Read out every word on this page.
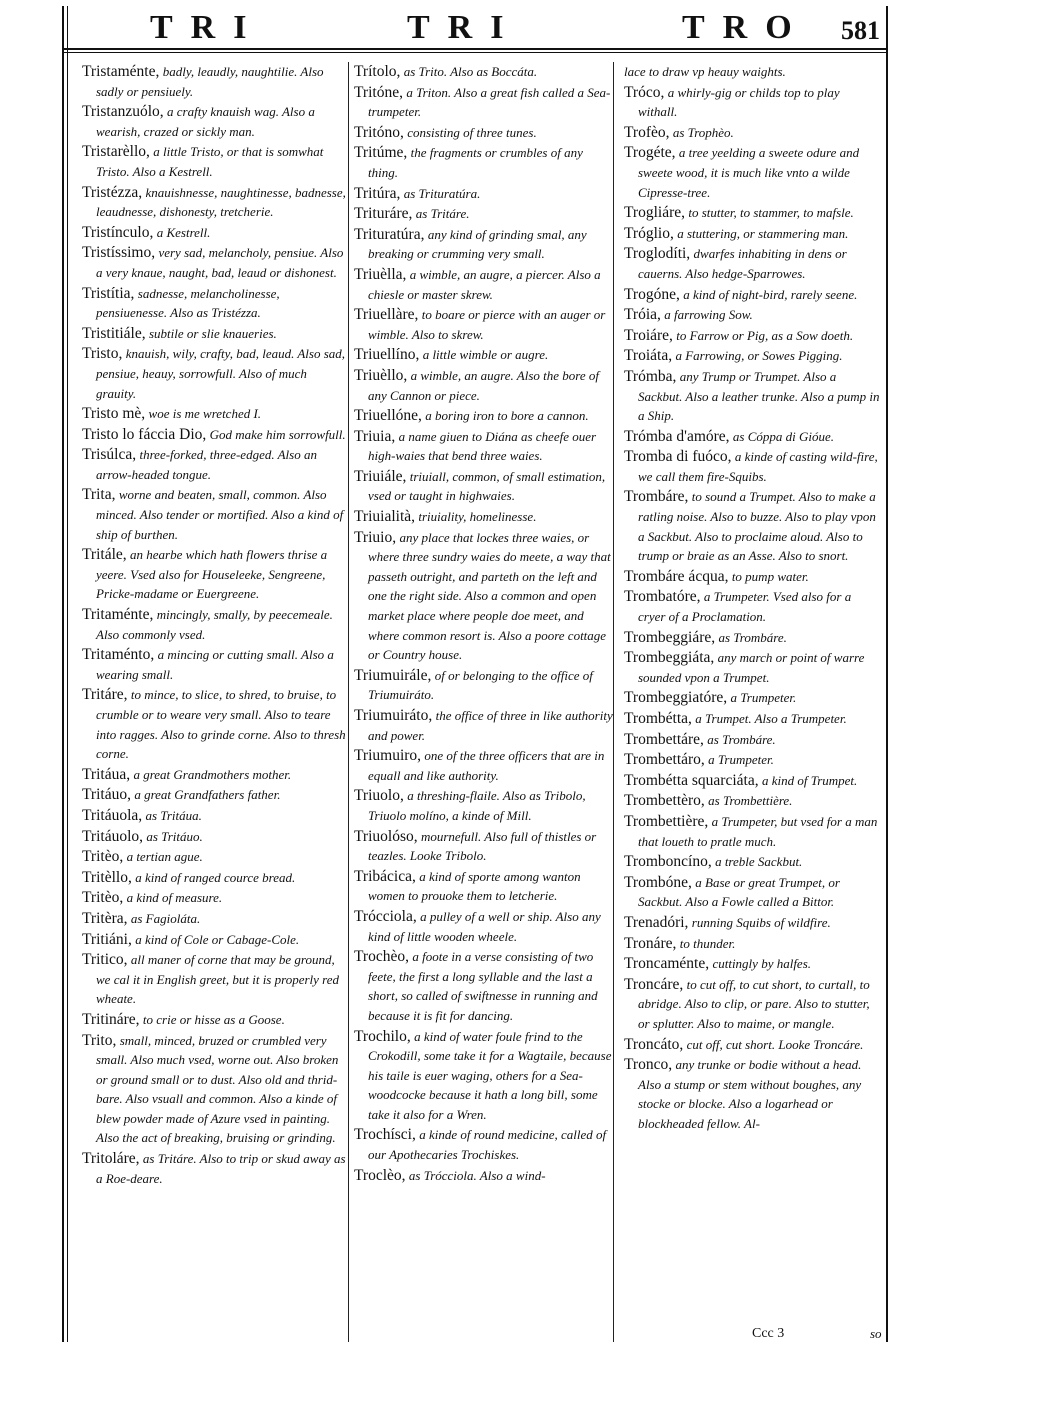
TRI	TRI	TRO 581
Tristaménte, badly, leaudly, naughtilie. Also sadly or pensiuely.
Tristanzuólo, a crafty knauish wag. Also a wearish, crazed or sickly man.
Tristarèllo, a little Tristo, or that is somwhat Tristo. Also a Kestrell.
Tristézza, knauishnesse, naughtinesse, badnesse, leaudnesse, dishonesty, tretcherie.
Tristínculo, a Kestrell.
Tristíssimo, very sad, melancholy, pensiue. Also a very knaue, naught, bad, leaud or dishonest.
Tristítia, sadnesse, melancholinesse, pensiuenesse. Also as Tristézza.
Tristitiále, subtile or slie knaueries.
Tristo, knauish, wily, crafty, bad, leaud. Also sad, pensiue, heauy, sorrowfull. Also of much grauity.
Tristo mè, woe is me wretched I.
Tristo lo fáccia Dio, God make him sorrowfull.
Trisúlca, three-forked, three-edged. Also an arrow-headed tongue.
Trita, worne and beaten, small, common. Also minced. Also tender or mortified. Also a kind of ship of burthen.
Tritále, an hearbe which hath flowers thrise a yeere. Vsed also for Houseleeke, Sengreene, Pricke-madame or Euergreene.
Tritaménte, mincingly, smally, by peecemeale. Also commonly vsed.
Tritaménto, a mincing or cutting small. Also a wearing small.
Tritáre, to mince, to slice, to shred, to bruise, to crumble or to weare very small. Also to teare into ragges. Also to grinde corne. Also to thresh corne.
Tritáua, a great Grandmothers mother.
Tritáuo, a great Grandfathers father.
Tritáuola, as Tritáua.
Tritáuolo, as Tritáuo.
Tritèo, a tertian ague.
Tritèllo, a kind of ranged cource bread.
Tritèo, a kind of measure.
Tritèra, as Fagioláta.
Tritiáni, a kind of Cole or Cabage-Cole.
Tritico, all maner of corne that may be ground, we cal it in English greet, but it is properly red wheate.
Tritináre, to crie or hisse as a Goose.
Trito, small, minced, bruzed or crumbled very small. Also much vsed, worne out. Also broken or ground small or to dust. Also old and thrid-bare. Also vsuall and common. Also a kinde of blew powder made of Azure vsed in painting. Also the act of breaking, bruising or grinding.
Tritoláre, as Tritáre. Also to trip or skud away as a Roe-deare.
Trítolo, as Trito. Also as Boccáta.
Tritóne, a Triton. Also a great fish called a Sea-trumpeter.
Tritóno, consisting of three tunes.
Tritúme, the fragments or crumbles of any thing.
Tritúra, as Trituratúra.
Trituráre, as Tritáre.
Trituratúra, any kind of grinding smal, any breaking or crumming very small.
Triuèlla, a wimble, an augre, a piercer. Also a chiesle or master skrew.
Triuellàre, to boare or pierce with an auger or wimble. Also to skrew.
Triuellíno, a little wimble or augre.
Triuèllo, a wimble, an augre. Also the bore of any Cannon or piece.
Triuellóne, a boring iron to bore a cannon.
Triuia, a name giuen to Diána as cheefe ouer high-waies that bend three waies.
Triuiále, triuiall, common, of small estimation, vsed or taught in highwaies.
Triuialità, triuiality, homelinesse.
Triuio, any place that lockes three waies, or where three sundry waies do meete, a way that passeth outright, and parteth on the left and one the right side. Also a common and open market place where people doe meet, and where common resort is. Also a poore cottage or Country house.
Triumuirále, of or belonging to the office of Triumuiráto.
Triumuiráto, the office of three in like authority and power.
Triumuiro, one of the three officers that are in equall and like authority.
Triuolo, a threshing-flaile. Also as Tribolo, Triuolo molíno, a kinde of Mill.
Triuolóso, mournefull. Also full of thistles or teazles. Looke Tribolo.
Tribácica, a kind of sporte among wanton women to prouoke them to letcherie.
Trócciola, a pulley of a well or ship. Also any kind of little wooden wheele.
Trochèo, a foote in a verse consisting of two feete, the first a long syllable and the last a short, so called of swiftnesse in running and because it is fit for dancing.
Trochilo, a kind of water foule frind to the Crokodill, some take it for a Wagtaile, because his taile is euer waging, others for a Sea-woodcocke because it hath a long bill, some take it also for a Wren.
Trochísci, a kinde of round medicine, called of our Apothecaries Trochiskes.
Troclèo, as Trócciola. Also a wind-
lace to draw vp heauy waights.
Tróco, a whirly-gig or childs top to play withall.
Trofèo, as Trophèo.
Trogéte, a tree yeelding a sweete odure and sweete wood, it is much like vnto a wilde Cipresse-tree.
Trogliáre, to stutter, to stammer, to mafsle.
Tróglio, a stuttering, or stammering man.
Troglodíti, dwarfes inhabiting in dens or cauerns. Also hedge-Sparrowes.
Trogóne, a kind of night-bird, rarely seene.
Tróia, a farrowing Sow.
Troiáre, to Farrow or Pig, as a Sow doeth.
Troiáta, a Farrowing, or Sowes Pigging.
Trómba, any Trump or Trumpet. Also a Sackbut. Also a leather trunke. Also a pump in a Ship.
Trómba d'amóre, as Cóppa di Gióue.
Tromba di fuóco, a kinde of casting wild-fire, we call them fire-Squibs.
Trombáre, to sound a Trumpet. Also to make a ratling noise. Also to buzze. Also to play vpon a Sackbut. Also to proclaime aloud. Also to trump or braie as an Asse. Also to snort.
Trombáre ácqua, to pump water.
Trombatóre, a Trumpeter. Vsed also for a cryer of a Proclamation.
Trombeggiáre, as Trombáre.
Trombeggiáta, any march or point of warre sounded vpon a Trumpet.
Trombeggiatóre, a Trumpeter.
Trombétta, a Trumpet. Also a Trumpeter.
Trombettáre, as Trombáre.
Trombettáro, a Trumpeter.
Trombétta squarciáta, a kind of Trumpet.
Trombettèro, as Trombettière.
Trombettière, a Trumpeter, but vsed for a man that loueth to pratle much.
Tromboncíno, a treble Sackbut.
Trombóne, a Base or great Trumpet, or Sackbut. Also a Fowle called a Bittor.
Trenadóri, running Squibs of wildfire.
Tronáre, to thunder.
Troncaménte, cuttingly by halfes.
Troncáre, to cut off, to cut short, to curtall, to abridge. Also to clip, or pare. Also to stutter, or splutter. Also to maime, or mangle.
Troncáto, cut off, cut short. Looke Troncáre.
Tronco, any trunke or bodie without a head. Also a stump or stem without boughes, any stocke or blocke. Also a logarhead or blockheaded fellow. Al-
Ccc 3	so
